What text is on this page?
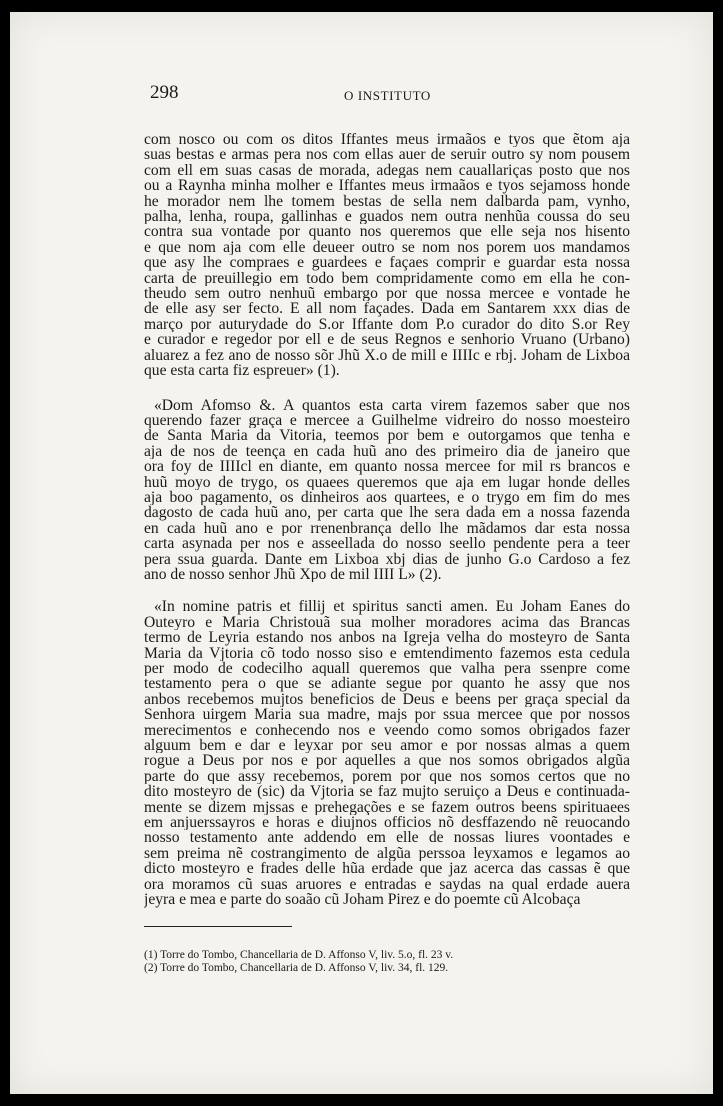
298	O INSTITUTO
com nosco ou com os ditos Iffantes meus irmaãos e tyos que ẽtom aja
suas bestas e armas pera nos com ellas auer de seruir outro sy nom pousem
com ell em suas casas de morada, adegas nem cauallariças posto que nos
ou a Raynha minha molher e Iffantes meus irmaãos e tyos sejamoss honde
he morador nem lhe tomem bestas de sella nem dalbarda pam, vynho,
palha, lenha, roupa, gallinhas e guados nem outra nenhũa coussa do seu
contra sua vontade por quanto nos queremos que elle seja nos hisento
e que nom aja com elle deueer outro se nom nos porem uos mandamos
que asy lhe compraes e guardees e façaes comprir e guardar esta nossa
carta de preuillegio em todo bem compridamente como em ella he con-
theudo sem outro nenhuũ embargo por que nossa mercee e vontade he
de elle asy ser fecto. E all nom façades. Dada em Santarem xxx dias de
março por auturydade do S.or Iffante dom P.o curador do dito S.or Rey
e curador e regedor por ell e de seus Regnos e senhorio Vruano (Urbano)
aluarez a fez ano de nosso sõr Jhũ X.o de mill e IIIIc e rbj. Joham de Lixboa
que esta carta fiz espreuer» (1).
«Dom Afomso &. A quantos esta carta virem fazemos saber que nos
querendo fazer graça e mercee a Guilhelme vidreiro do nosso moesteiro
de Santa Maria da Vitoria, teemos por bem e outorgamos que tenha e
aja de nos de teença en cada huũ ano des primeiro dia de janeiro que
ora foy de IIIIcl en diante, em quanto nossa mercee for mil rs brancos e
huũ moyo de trygo, os quaees queremos que aja em lugar honde delles
aja boo pagamento, os dinheiros aos quartees, e o trygo em fim do mes
dagosto de cada huũ ano, per carta que lhe sera dada em a nossa fazenda
en cada huũ ano e por rrenenbrança dello lhe mãdamos dar esta nossa
carta asynada per nos e asseellada do nosso seello pendente pera a teer
pera ssua guarda. Dante em Lixboa xbj dias de junho G.o Cardoso a fez
ano de nosso senhor Jhũ Xpo de mil IIII L» (2).
«In nomine patris et fillij et spiritus sancti amen. Eu Joham Eanes do
Outeyro e Maria Christouã sua molher moradores acima das Brancas
termo de Leyria estando nos anbos na Igreja velha do mosteyro de Santa
Maria da Vjtoria cõ todo nosso siso e emtendimento fazemos esta cedula
per modo de codecilho aquall queremos que valha pera ssenpre come
testamento pera o que se adiante segue por quanto he assy que nos
anbos recebemos mujtos beneficios de Deus e beens per graça special da
Senhora uirgem Maria sua madre, majs por ssua mercee que por nossos
merecimentos e conhecendo nos e veendo como somos obrigados fazer
alguum bem e dar e leyxar por seu amor e por nossas almas a quem
rogue a Deus por nos e por aquelles a que nos somos obrigados algũa
parte do que assy recebemos, porem por que nos somos certos que no
dito mosteyro de (sic) da Vjtoria se faz mujto seruiço a Deus e continuada-
mente se dizem mjssas e prehegações e se fazem outros beens spirituaees
em anjuerssayros e horas e diujnos officios nõ desffazendo nẽ reuocando
nosso testamento ante addendo em elle de nossas liures voontades e
sem preima nẽ costrangimento de algũa perssoa leyxamos e legamos ao
dicto mosteyro e frades delle hũa erdade que jaz acerca das cassas ẽ que
ora moramos cũ suas aruores e entradas e saydas na qual erdade auera
jeyra e mea e parte do soaão cũ Joham Pirez e do poemte cũ Alcobaça
(1) Torre do Tombo, Chancellaria de D. Affonso V, liv. 5.o, fl. 23 v.
(2) Torre do Tombo, Chancellaria de D. Affonso V, liv. 34, fl. 129.
